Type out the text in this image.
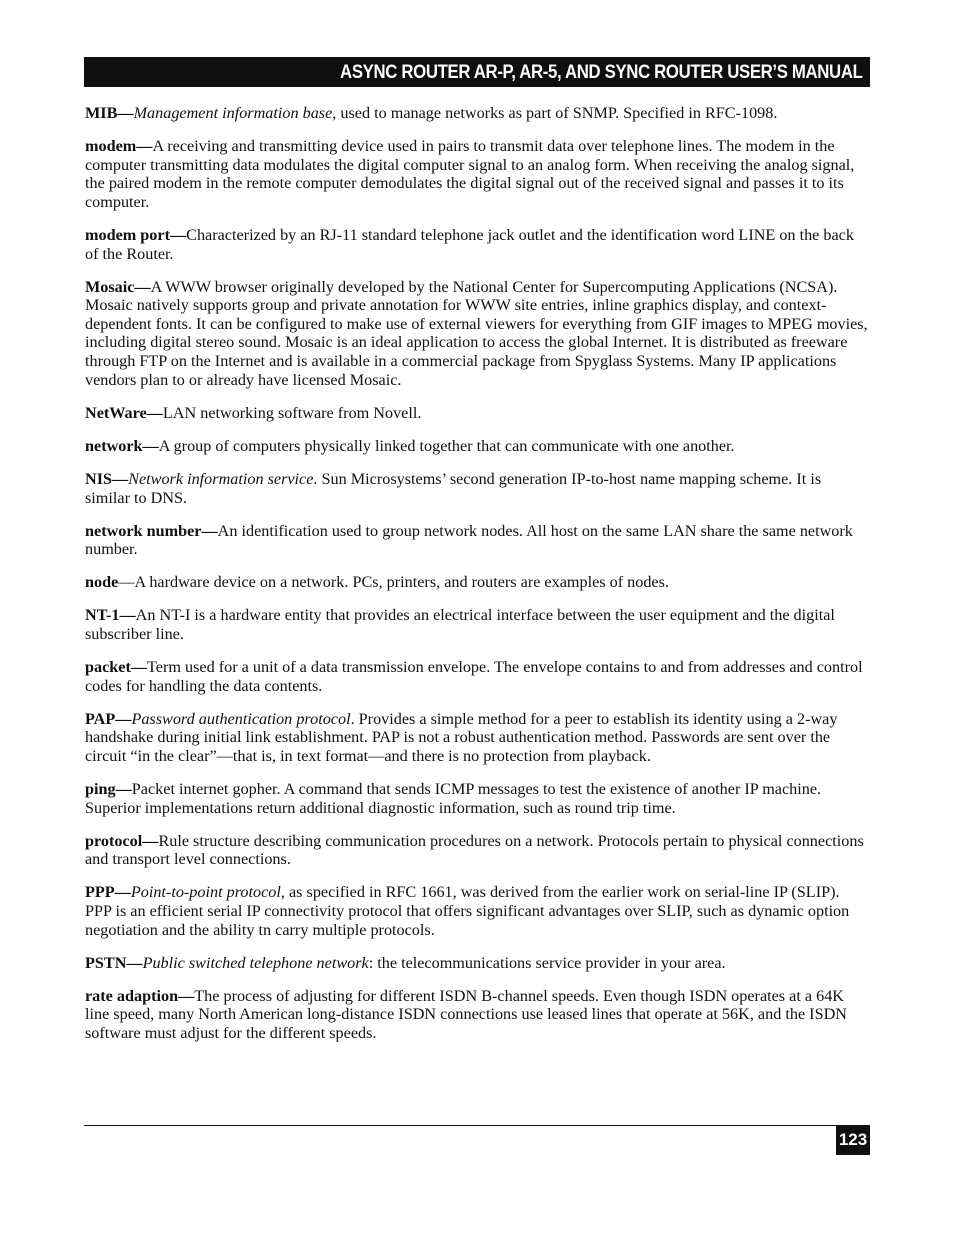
ASYNC ROUTER AR-P, AR-5, AND SYNC ROUTER USER’S MANUAL

MIB—Management information base, used to manage networks as part of SNMP. Specified in RFC-1098.

modem—A receiving and transmitting device used in pairs to transmit data over telephone lines. The modem in the computer transmitting data modulates the digital computer signal to an analog form. When receiving the analog signal, the paired modem in the remote computer demodulates the digital signal out of the received signal and passes it to its computer.

modem port—Characterized by an RJ-11 standard telephone jack outlet and the identification word LINE on the back of the Router.

Mosaic—A WWW browser originally developed by the National Center for Supercomputing Applications (NCSA). Mosaic natively supports group and private annotation for WWW site entries, inline graphics display, and context-dependent fonts. It can be configured to make use of external viewers for everything from GIF images to MPEG movies, including digital stereo sound. Mosaic is an ideal application to access the global Internet. It is distributed as freeware through FTP on the Internet and is available in a commercial package from Spyglass Systems. Many IP applications vendors plan to or already have licensed Mosaic.

NetWare—LAN networking software from Novell.

network—A group of computers physically linked together that can communicate with one another.

NIS—Network information service. Sun Microsystems’ second generation IP-to-host name mapping scheme. It is similar to DNS.

network number—An identification used to group network nodes. All host on the same LAN share the same network number.

node—A hardware device on a network. PCs, printers, and routers are examples of nodes.

NT-1—An NT-I is a hardware entity that provides an electrical interface between the user equipment and the digital subscriber line.

packet—Term used for a unit of a data transmission envelope. The envelope contains to and from addresses and control codes for handling the data contents.

PAP—Password authentication protocol. Provides a simple method for a peer to establish its identity using a 2-way handshake during initial link establishment. PAP is not a robust authentication method. Passwords are sent over the circuit “in the clear”—that is, in text format—and there is no protection from playback.

ping—Packet internet gopher. A command that sends ICMP messages to test the existence of another IP machine. Superior implementations return additional diagnostic information, such as round trip time.

protocol—Rule structure describing communication procedures on a network. Protocols pertain to physical connections and transport level connections.

PPP—Point-to-point protocol, as specified in RFC 1661, was derived from the earlier work on serial-line IP (SLIP). PPP is an efficient serial IP connectivity protocol that offers significant advantages over SLIP, such as dynamic option negotiation and the ability tn carry multiple protocols.

PSTN—Public switched telephone network: the telecommunications service provider in your area.

rate adaption—The process of adjusting for different ISDN B-channel speeds. Even though ISDN operates at a 64K line speed, many North American long-distance ISDN connections use leased lines that operate at 56K, and the ISDN software must adjust for the different speeds.

123
